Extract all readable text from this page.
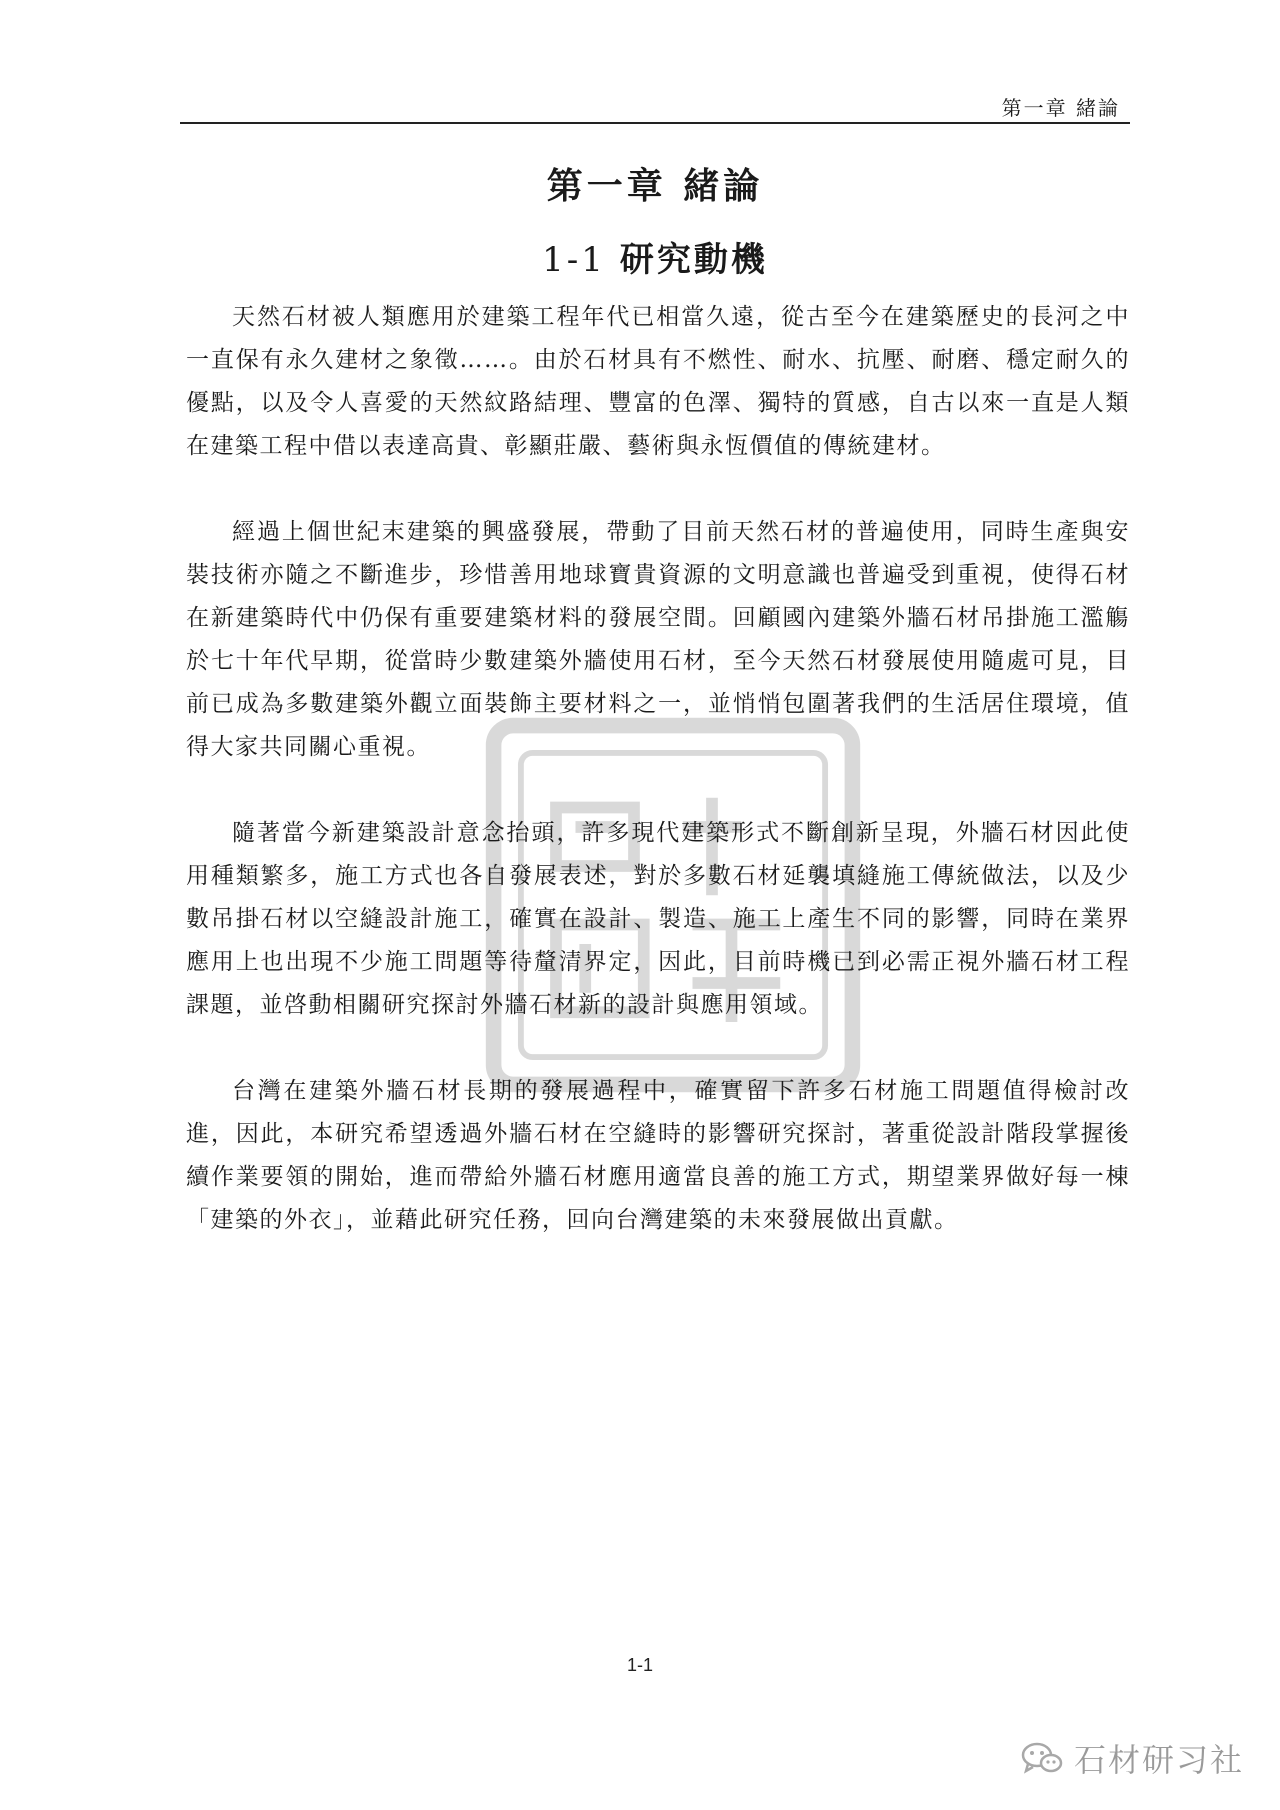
第一章 緒論
第一章 緒論
1-1 研究動機

天然石材被人類應用於建築工程年代已相當久遠，從古至今在建築歷史的長河之中一直保有永久建材之象徵……。由於石材具有不燃性、耐水、抗壓、耐磨、穩定耐久的優點，以及令人喜愛的天然紋路結理、豐富的色澤、獨特的質感，自古以來一直是人類在建築工程中借以表達高貴、彰顯莊嚴、藝術與永恆價值的傳統建材。

經過上個世紀末建築的興盛發展，帶動了目前天然石材的普遍使用，同時生產與安裝技術亦隨之不斷進步，珍惜善用地球寶貴資源的文明意識也普遍受到重視，使得石材在新建築時代中仍保有重要建築材料的發展空間。回顧國內建築外牆石材吊掛施工濫觴於七十年代早期，從當時少數建築外牆使用石材，至今天然石材發展使用隨處可見，目前已成為多數建築外觀立面裝飾主要材料之一，並悄悄包圍著我們的生活居住環境，值得大家共同關心重視。

隨著當今新建築設計意念抬頭，許多現代建築形式不斷創新呈現，外牆石材因此使用種類繁多，施工方式也各自發展表述，對於多數石材延襲填縫施工傳統做法，以及少數吊掛石材以空縫設計施工，確實在設計、製造、施工上產生不同的影響，同時在業界應用上也出現不少施工問題等待釐清界定，因此，目前時機已到必需正視外牆石材工程課題，並啓動相關研究探討外牆石材新的設計與應用領域。

台灣在建築外牆石材長期的發展過程中，確實留下許多石材施工問題值得檢討改進，因此，本研究希望透過外牆石材在空縫時的影響研究探討，著重從設計階段掌握後續作業要領的開始，進而帶給外牆石材應用適當良善的施工方式，期望業界做好每一棟「建築的外衣」，並藉此研究任務，回向台灣建築的未來發展做出貢獻。

1-1
石材研习社
